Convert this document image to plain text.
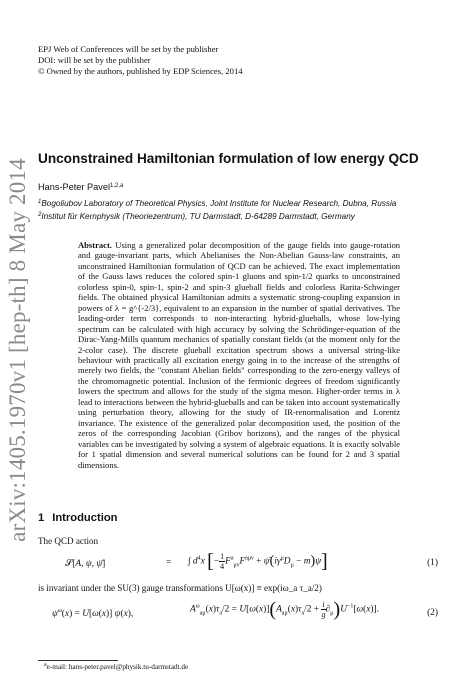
arXiv:1405.1970v1 [hep-th] 8 May 2014
EPJ Web of Conferences will be set by the publisher
DOI: will be set by the publisher
© Owned by the authors, published by EDP Sciences, 2014
Unconstrained Hamiltonian formulation of low energy QCD
Hans-Peter Pavel$^{1,2,a}$
$^1$Bogoliubov Laboratory of Theoretical Physics, Joint Institute for Nuclear Research, Dubna, Russia
$^2$Institut für Kernphysik (Theoriezentrum), TU Darmstadt, D-64289 Darmstadt, Germany
Abstract. Using a generalized polar decomposition of the gauge fields into gauge-rotation and gauge-invariant parts, which Abelianises the Non-Abelian Gauss-law constraints, an unconstrained Hamiltonian formulation of QCD can be achieved. The exact implementation of the Gauss laws reduces the colored spin-1 gluons and spin-1/2 quarks to unconstrained colorless spin-0, spin-1, spin-2 and spin-3 glueball fields and colorless Rarita-Schwinger fields. The obtained physical Hamiltonian admits a systematic strong-coupling expansion in powers of λ = g^{-2/3}, equivalent to an expansion in the number of spatial derivatives. The leading-order term corresponds to non-interacting hybrid-glueballs, whose low-lying spectrum can be calculated with high accuracy by solving the Schrödinger-equation of the Dirac-Yang-Mills quantum mechanics of spatially constant fields (at the moment only for the 2-color case). The discrete glueball excitation spectrum shows a universal string-like behaviour with practically all excitation energy going in to the increase of the strengths of merely two fields, the "constant Abelian fields" corresponding to the zero-energy valleys of the chromomagnetic potential. Inclusion of the fermionic degrees of freedom significantly lowers the spectrum and allows for the study of the sigma meson. Higher-order terms in λ lead to interactions between the hybrid-glueballs and can be taken into account systematically using perturbation theory, allowing for the study of IR-renormalisation and Lorentz invariance. The existence of the generalized polar decomposition used, the position of the zeros of the corresponding Jacobian (Gribov horizons), and the ranges of the physical variables can be investigated by solving a system of algebraic equations. It is exactly solvable for 1 spatial dimension and several numerical solutions can be found for 2 and 3 spatial dimensions.
1 Introduction
The QCD action
𝒮[A, ψ, ψ̄]	= ∫ $d^4x$ [− $\frac{1}{4} F^a_{\mu\nu}F^{a\mu\nu}$ + $\psī(i\gamma^\mu D_\mu - m)\psi$]	(1)
is invariant under the SU(3) gauge transformations U[ω(x)] ≡ exp(iω_a τ_a/2)
$\psi^\omega(x) = U[\omega(x)]$ ψ(x),	$A^\omega_{a\mu}(x)\tau_a/2 = U[\omega(x)](A_{a\mu}(x)\tau_a/2 + \frac{i}{g} \partial_\mu)U^{-1}[\omega(x)]$.	(2)
$^a$e-mail: hans-peter.pavel@physik.tu-darmstadt.de
